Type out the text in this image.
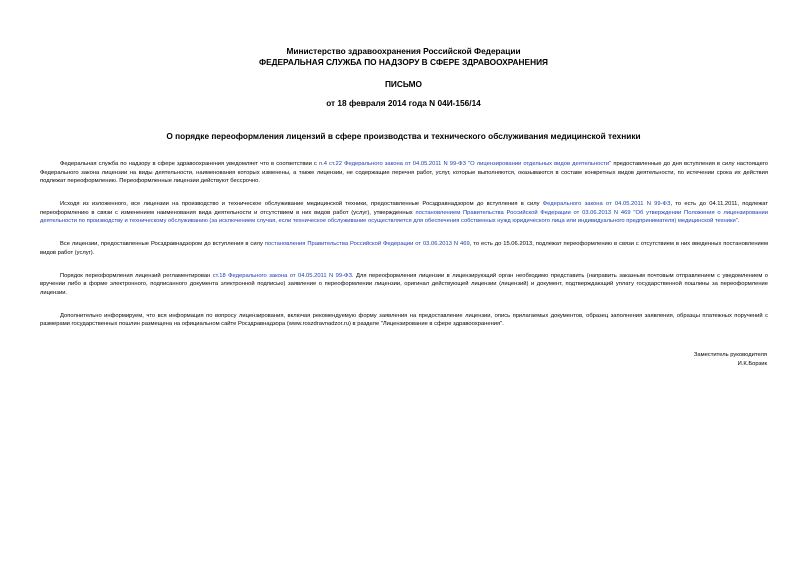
Министерство здравоохранения Российской Федерации
ФЕДЕРАЛЬНАЯ СЛУЖБА ПО НАДЗОРУ В СФЕРЕ ЗДРАВООХРАНЕНИЯ
ПИСЬМО
от 18 февраля 2014 года N 04И-156/14
О порядке переоформления лицензий в сфере производства и технического обслуживания медицинской техники

Федеральная служба по надзору в сфере здравоохранения уведомляет что в соответствии с п.4 ст.22 Федерального закона от 04.05.2011 N 99-ФЗ "О лицензировании отдельных видов деятельности" предоставленные до дня вступления в силу настоящего Федерального закона лицензии на виды деятельности, наименования которых изменены, а также лицензии, не содержащие перечня работ, услуг, которые выполняются, оказываются в составе конкретных видов деятельности, по истечении срока их действия подлежат переоформлению. Переоформленные лицензии действуют бессрочно.

Исходя из изложенного, все лицензии на производство и техническое обслуживание медицинской техники, предоставленные Росздравнадзором до вступления в силу Федерального закона от 04.05.2011 N 99-ФЗ, то есть до 04.11.2011, подлежат переоформлению в связи с изменением наименования вида деятельности и отсутствием в них видов работ (услуг), утвержденных постановлением Правительства Российской Федерации от 03.06.2013 N 469 "Об утверждении Положения о лицензировании деятельности по производству и техническому обслуживанию (за исключением случая, если техническое обслуживание осуществляется для обеспечения собственных нужд юридического лица или индивидуального предпринимателя) медицинской техники".

Все лицензии, предоставленные Росздравнадзором до вступления в силу постановления Правительства Российской Федерации от 03.06.2013 N 469, то есть до 15.06.2013, подлежат переоформлению в связи с отсутствием в них введенных постановлением видов работ (услуг).

Порядок переоформления лицензий регламентирован ст.18 Федерального закона от 04.05.2011 N 99-ФЗ. Для переоформления лицензии в лицензирующий орган необходимо представить (направить заказным почтовым отправлением с уведомлением о вручении либо в форме электронного, подписанного документа электронной подписью) заявление о переоформлении лицензии, оригинал действующей лицензии (лицензий) и документ, подтверждающий уплату государственной пошлины за переоформление лицензии.

Дополнительно информируем, что вся информация по вопросу лицензирования, включая рекомендуемую форму заявления на предоставление лицензии, опись прилагаемых документов, образец заполнения заявления, образцы платежных поручений с размерами государственных пошлин размещена на официальном сайте Росздравнадзора (www.roszdravnadzor.ru) в разделе "Лицензирование в сфере здравоохранения".

Заместитель руководителя
И.К.Борзик
